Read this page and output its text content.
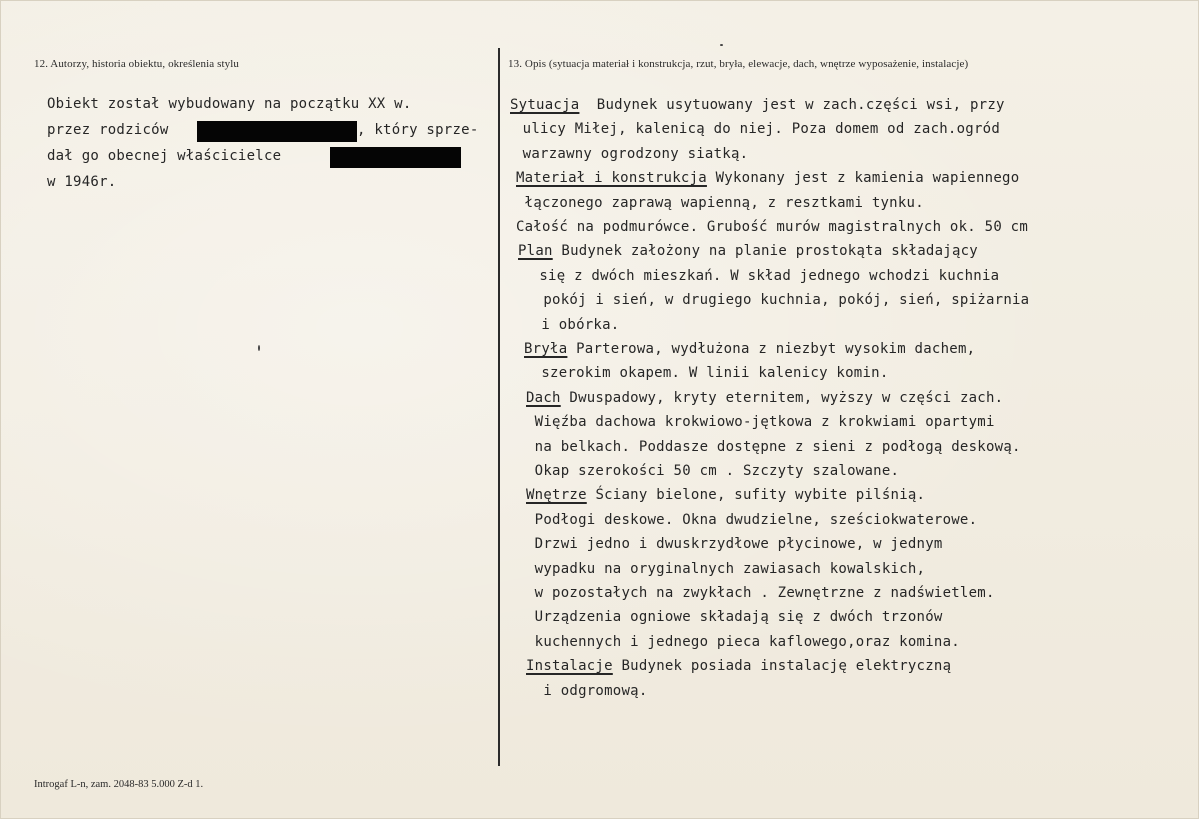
12. Autorzy, historia obiektu, określenia stylu	13. Opis (sytuacja materiał i konstrukcja, rzut, bryła, elewacje, dach, wnętrze wyposażenie, instalacje)
Obiekt został wybudowany na początku XX w.
przez rodziców	, który sprze-
dał go obecnej właścicielce
w 1946r.
Sytuacja  Budynek usytuowany jest w zach.części wsi, przy
ulicy Miłej, kalenicą do niej. Poza domem od zach.ogród
warzawny ogrodzony siatką.
Materiał i konstrukcja Wykonany jest z kamienia wapiennego
łączonego zaprawą wapienną, z resztkami tynku.
Całość na podmurówce. Grubość murów magistralnych ok. 50 cm
Plan Budynek założony na planie prostokąta składający
się z dwóch mieszkań. W skład jednego wchodzi kuchnia
pokój i sień, w drugiego kuchnia, pokój, sień, spiżarnia
i obórka.
Bryła Parterowa, wydłużona z niezbyt wysokim dachem,
szerokim okapem. W linii kalenicy komin.
Dach Dwuspadowy, kryty eternitem, wyższy w części zach.
Więźba dachowa krokwiowo-jętkowa z krokwiami opartymi
na belkach. Poddasze dostępne z sieni z podłogą deskową.
Okap szerokości 50 cm . Szczyty szalowane.
Wnętrze Ściany bielone, sufity wybite pilśnią.
Podłogi deskowe. Okna dwudzielne, sześciokwaterowe.
Drzwi jedno i dwuskrzydłowe płycinowe, w jednym
wypadku na oryginalnych zawiasach kowalskich,
w pozostałych na zwykłach . Zewnętrzne z nadświetlem.
Urządzenia ogniowe składają się z dwóch trzonów
kuchennych i jednego pieca kaflowego,oraz komina.
Instalacje Budynek posiada instalację elektryczną
i odgromową.
Introgaf L-n, zam. 2048-83 5.000 Z-d 1.
